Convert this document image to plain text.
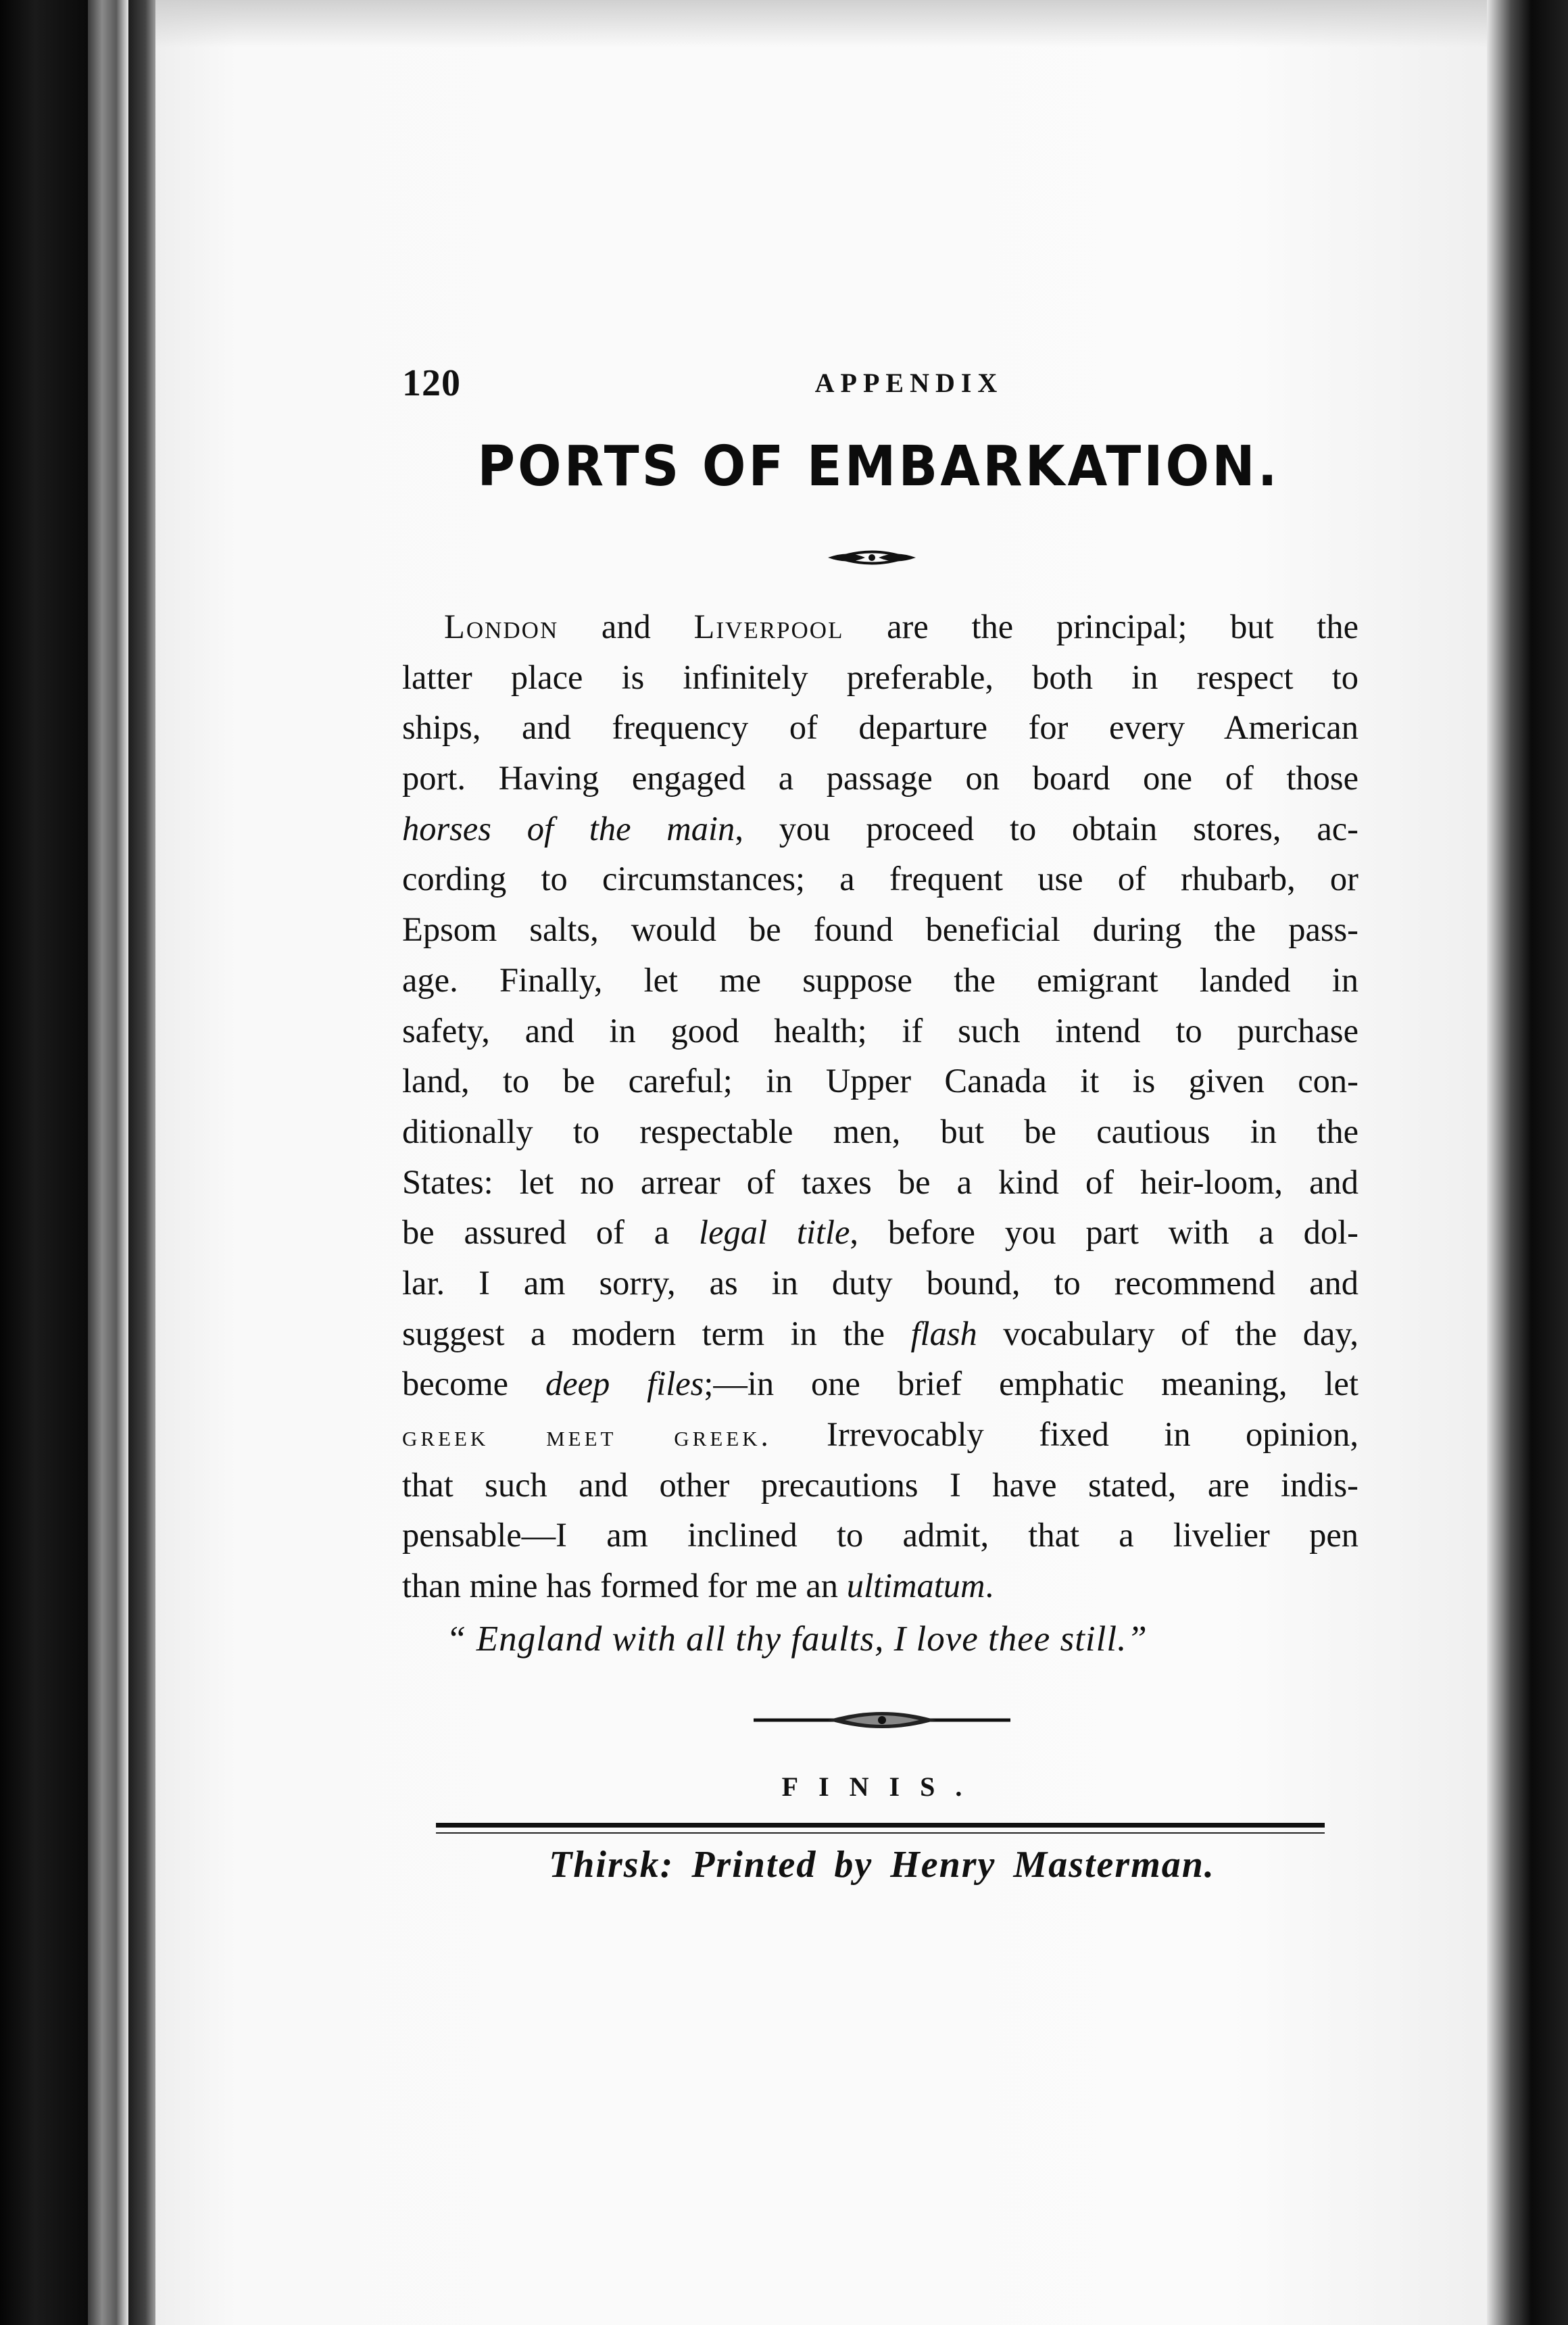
120	APPENDIX
PORTS OF EMBARKATION.
London and Liverpool are the principal; but the
latter place is infinitely preferable, both in respect to
ships, and frequency of departure for every American
port. Having engaged a passage on board one of those
horses of the main, you proceed to obtain stores, ac-
cording to circumstances; a frequent use of rhubarb, or
Epsom salts, would be found beneficial during the pass-
age. Finally, let me suppose the emigrant landed in
safety, and in good health; if such intend to purchase
land, to be careful; in Upper Canada it is given con-
ditionally to respectable men, but be cautious in the
States: let no arrear of taxes be a kind of heir-loom, and
be assured of a legal title, before you part with a dol-
lar. I am sorry, as in duty bound, to recommend and
suggest a modern term in the flash vocabulary of the day,
become deep files;—in one brief emphatic meaning, let
greek meet greek. Irrevocably fixed in opinion,
that such and other precautions I have stated, are indis-
pensable—I am inclined to admit, that a livelier pen
than mine has formed for me an ultimatum.
“ England with all thy faults, I love thee still.”
FINIS.
Thirsk: Printed by Henry Masterman.
